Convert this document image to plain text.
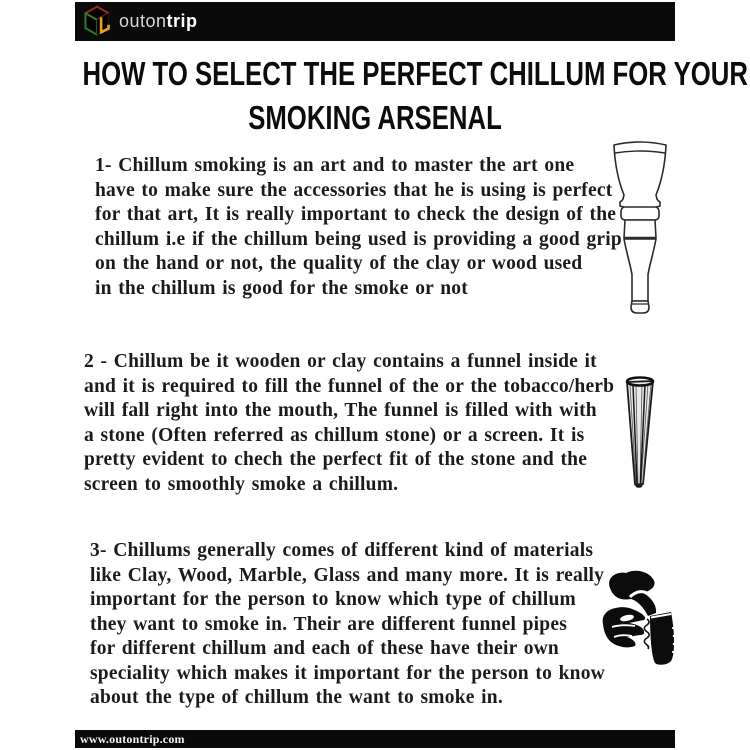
outontrip
HOW TO SELECT THE PERFECT CHILLUM FOR YOUR
SMOKING ARSENAL
1- Chillum smoking is an art and to master the art one
have to make sure the accessories that he is using is perfect
for that art, It is really important to check the design of the
chillum i.e if the chillum being used is providing a good grip
on the hand or not, the quality of the clay or wood used
in the chillum is good for the smoke or not
2 - Chillum be it wooden or clay contains a funnel inside it
and it is required to fill the funnel of the or the tobacco/herb
will fall right into the mouth, The funnel is filled with with
a stone (Often referred as chillum stone) or a screen. It is
pretty evident to chech the perfect fit of the stone and the
screen to smoothly smoke a chillum.
3- Chillums generally comes of different kind of materials
like Clay, Wood, Marble, Glass and many more. It is really
important for the person to know which type of chillum
they want to smoke in. Their are different funnel pipes
for different chillum and each of these have their own
speciality which makes it important for the person to know
about the type of chillum the want to smoke in.
www.outontrip.com
